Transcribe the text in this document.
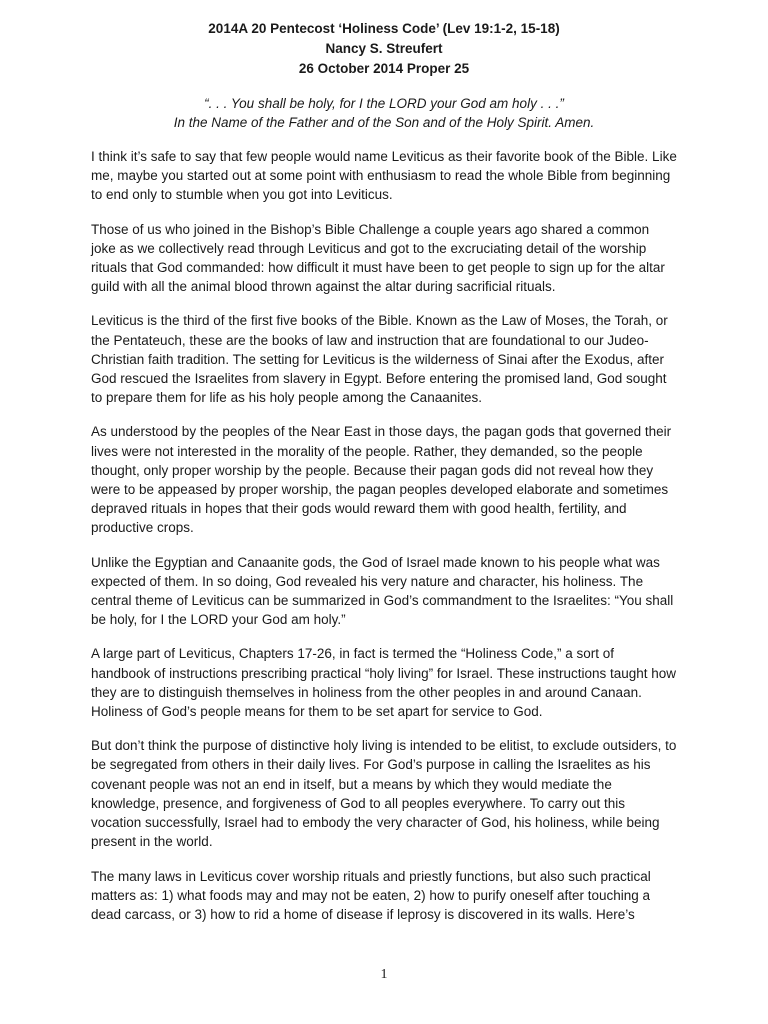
2014A 20 Pentecost ‘Holiness Code’ (Lev 19:1-2, 15-18)
Nancy S. Streufert
26 October 2014 Proper 25
“. . . You shall be holy, for I the LORD your God am holy . . .”
In the Name of the Father and of the Son and of the Holy Spirit. Amen.

I think it’s safe to say that few people would name Leviticus as their favorite book of the Bible. Like me, maybe you started out at some point with enthusiasm to read the whole Bible from beginning to end only to stumble when you got into Leviticus.

Those of us who joined in the Bishop’s Bible Challenge a couple years ago shared a common joke as we collectively read through Leviticus and got to the excruciating detail of the worship rituals that God commanded: how difficult it must have been to get people to sign up for the altar guild with all the animal blood thrown against the altar during sacrificial rituals.

Leviticus is the third of the first five books of the Bible. Known as the Law of Moses, the Torah, or the Pentateuch, these are the books of law and instruction that are foundational to our Judeo-Christian faith tradition. The setting for Leviticus is the wilderness of Sinai after the Exodus, after God rescued the Israelites from slavery in Egypt. Before entering the promised land, God sought to prepare them for life as his holy people among the Canaanites.

As understood by the peoples of the Near East in those days, the pagan gods that governed their lives were not interested in the morality of the people. Rather, they demanded, so the people thought, only proper worship by the people. Because their pagan gods did not reveal how they were to be appeased by proper worship, the pagan peoples developed elaborate and sometimes depraved rituals in hopes that their gods would reward them with good health, fertility, and productive crops.

Unlike the Egyptian and Canaanite gods, the God of Israel made known to his people what was expected of them. In so doing, God revealed his very nature and character, his holiness. The central theme of Leviticus can be summarized in God’s commandment to the Israelites: “You shall be holy, for I the LORD your God am holy.”

A large part of Leviticus, Chapters 17-26, in fact is termed the “Holiness Code,” a sort of handbook of instructions prescribing practical “holy living” for Israel. These instructions taught how they are to distinguish themselves in holiness from the other peoples in and around Canaan. Holiness of God’s people means for them to be set apart for service to God.

But don’t think the purpose of distinctive holy living is intended to be elitist, to exclude outsiders, to be segregated from others in their daily lives. For God’s purpose in calling the Israelites as his covenant people was not an end in itself, but a means by which they would mediate the knowledge, presence, and forgiveness of God to all peoples everywhere. To carry out this vocation successfully, Israel had to embody the very character of God, his holiness, while being present in the world.

The many laws in Leviticus cover worship rituals and priestly functions, but also such practical matters as: 1) what foods may and may not be eaten, 2) how to purify oneself after touching a dead carcass, or 3) how to rid a home of disease if leprosy is discovered in its walls. Here’s

1
